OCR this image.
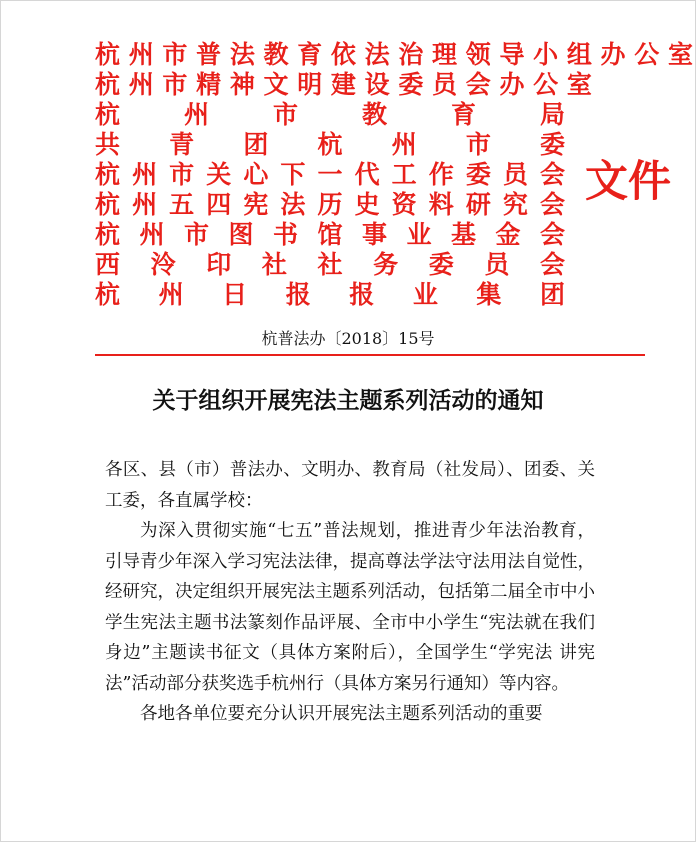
杭 州 市 普 法 教 育 依 法 治 理 领 导 小 组 办 公 室
杭 州 市 精 神 文 明 建 设 委 员 会 办 公 室
杭 州 市 教 育 局
共 青 团 杭 州 市 委
杭 州 市 关 心 下 一 代 工 作 委 员 会
杭 州 五 四 宪 法 历 史 资 料 研 究 会
杭 州 市 图 书 馆 事 业 基 金 会
西 泠 印 社 社 务 委 员 会
杭 州 日 报 报 业 集 团
文件
杭普法办〔2018〕15号
关于组织开展宪法主题系列活动的通知

各区、县（市）普法办、文明办、教育局（社发局）、团委、关工委，各直属学校：

为深入贯彻实施“七五”普法规划，推进青少年法治教育，引导青少年深入学习宪法法律，提高尊法学法守法用法自觉性，经研究，决定组织开展宪法主题系列活动，包括第二届全市中小学生宪法主题书法篆刻作品评展、全市中小学生“宪法就在我们身边”主题读书征文（具体方案附后），全国学生“学宪法 讲宪法”活动部分获奖选手杭州行（具体方案另行通知）等内容。

各地各单位要充分认识开展宪法主题系列活动的重要
